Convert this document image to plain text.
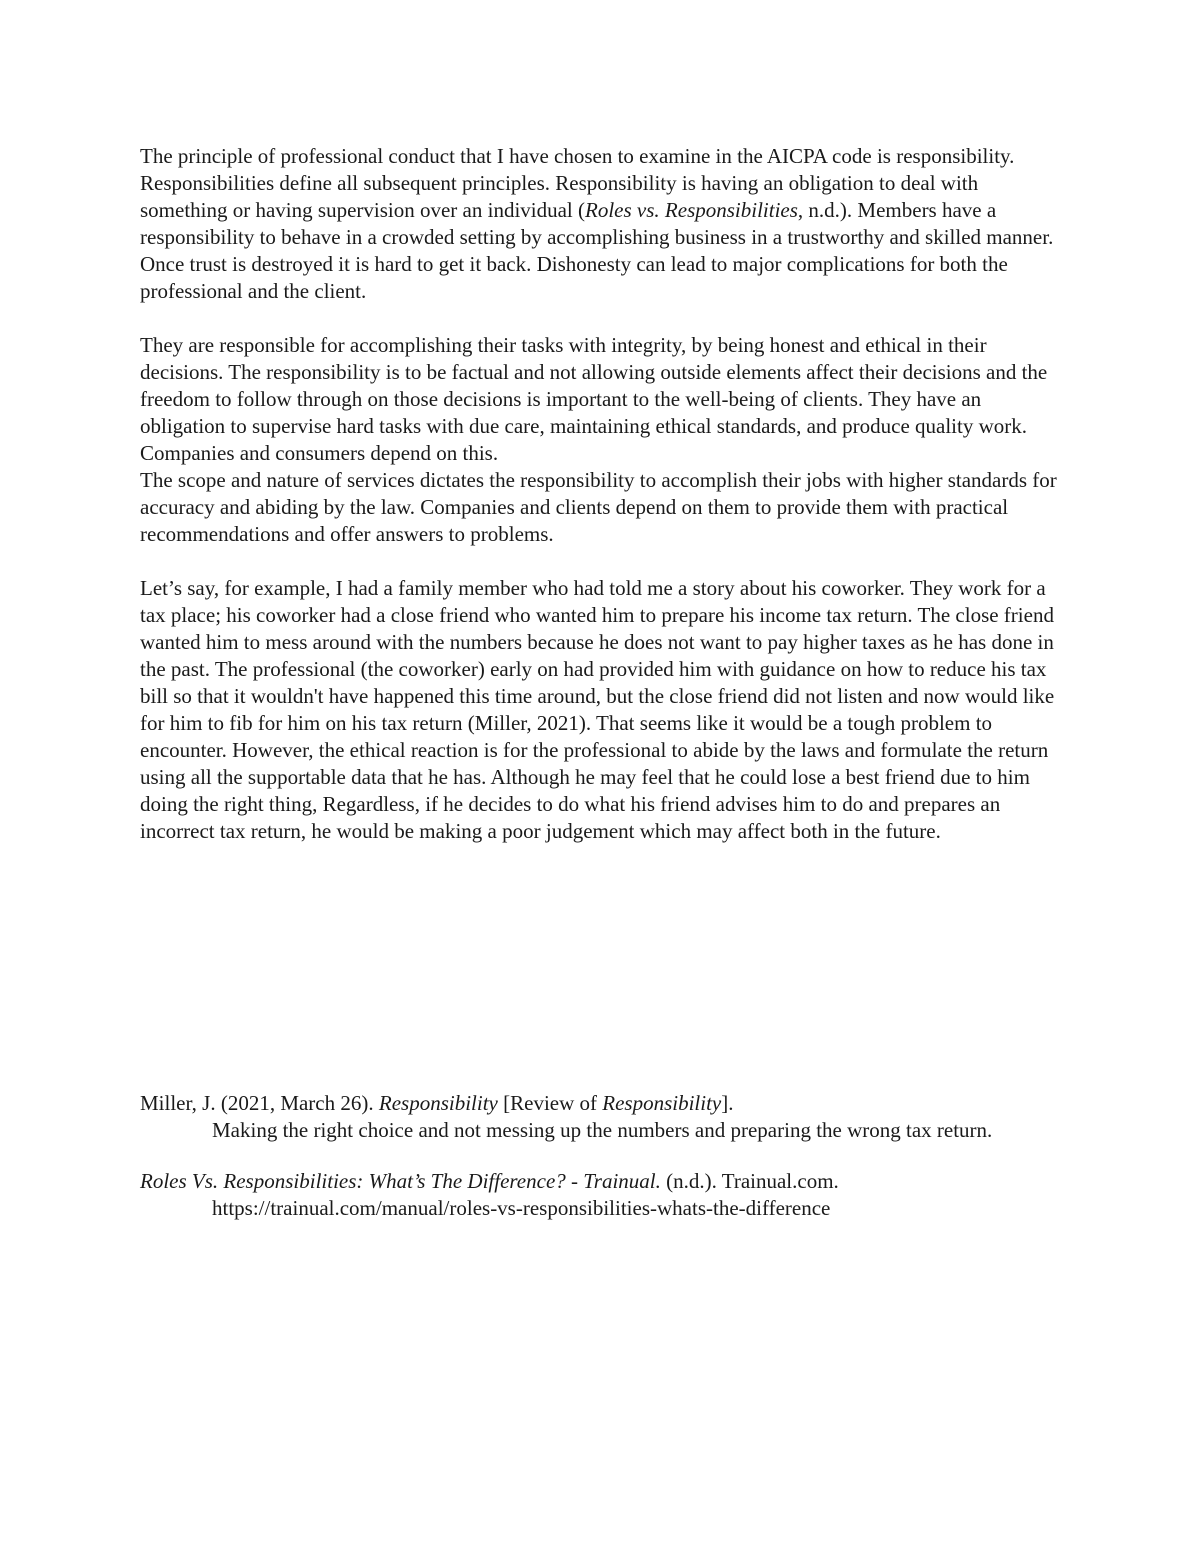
The principle of professional conduct that I have chosen to examine in the AICPA code is responsibility. Responsibilities define all subsequent principles. Responsibility is having an obligation to deal with something or having supervision over an individual (Roles vs. Responsibilities, n.d.). Members have a responsibility to behave in a crowded setting by accomplishing business in a trustworthy and skilled manner. Once trust is destroyed it is hard to get it back. Dishonesty can lead to major complications for both the professional and the client.

They are responsible for accomplishing their tasks with integrity, by being honest and ethical in their decisions. The responsibility is to be factual and not allowing outside elements affect their decisions and the freedom to follow through on those decisions is important to the well-being of clients. They have an obligation to supervise hard tasks with due care, maintaining ethical standards, and produce quality work. Companies and consumers depend on this.

The scope and nature of services dictates the responsibility to accomplish their jobs with higher standards for accuracy and abiding by the law. Companies and clients depend on them to provide them with practical recommendations and offer answers to problems.

Let’s say, for example, I had a family member who had told me a story about his coworker. They work for a tax place; his coworker had a close friend who wanted him to prepare his income tax return. The close friend wanted him to mess around with the numbers because he does not want to pay higher taxes as he has done in the past. The professional (the coworker) early on had provided him with guidance on how to reduce his tax bill so that it wouldn't have happened this time around, but the close friend did not listen and now would like for him to fib for him on his tax return (Miller, 2021). That seems like it would be a tough problem to encounter. However, the ethical reaction is for the professional to abide by the laws and formulate the return using all the supportable data that he has. Although he may feel that he could lose a best friend due to him doing the right thing, Regardless, if he decides to do what his friend advises him to do and prepares an incorrect tax return, he would be making a poor judgement which may affect both in the future.

Miller, J. (2021, March 26). Responsibility [Review of Responsibility].
Making the right choice and not messing up the numbers and preparing the wrong tax return.

Roles Vs. Responsibilities: What’s The Difference? - Trainual. (n.d.). Trainual.com.
https://trainual.com/manual/roles-vs-responsibilities-whats-the-difference
